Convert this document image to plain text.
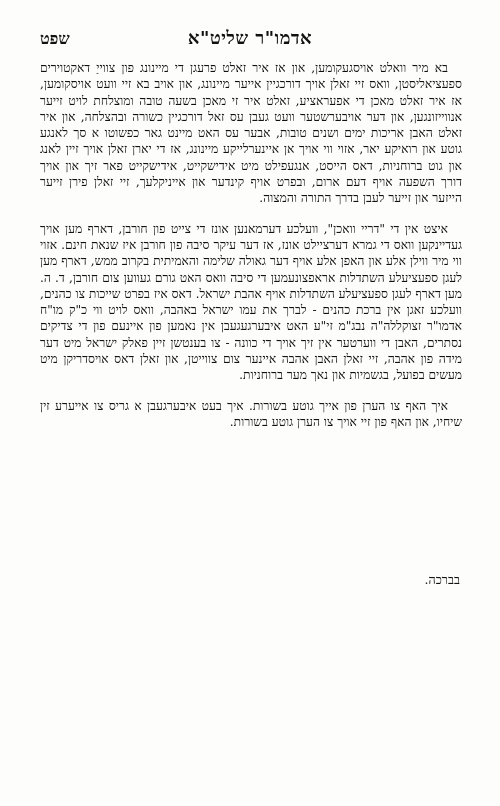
אדמו"ר שליט"א
שפט

בא מיר וואלט אויסגעקומען, און אז איר זאלט פרעגן די מיינונג פון צווייַ דאקטוירים ספעציאליסטן, וואס זיי זאלן אויך דורכגיין אייער מיינונג, און אויב בא זיי וועט אויסקומען, אז איר זאלט מאכן די אפעראציע, זאלט איר זי מאכן בשעה טובה ומוצלחת לויט זייער אנווייזונגען, און דער אויבערשטער וועט געבן עס זאל דורכגיין כשורה ובהצלחה, און איר זאלט האבן אריכות ימים ושנים טובות, אבער עס האט מיינט גאר כפשוטו א סך לאנגע גוטע און רואיקע יאר, אזוי ווי אויך אן איינערלייקע מיינונג, אז די יארן זאלן אויך זיין לאנג און גוט ברוחניות, דאס הייסט, אנגעפילט מיט אידישקייט, אידישקייט פאר זיך און אויך דורך השפעה אויף דעם ארום, ובפרט אויף קינדער און אייניקלעך, זיי זאלן פירן זייער הייזער און זייער לעבן בדרך התורה והמצוה.

איצט אין די "דריי וואכן", וועלכע דערמאנען אונז די צייט פון חורבן, דארף מען אויך געדיינקען וואס די גמרא דערציילט אונז, אז דער עיקר סיבה פון חורבן איז שנאת חינם. אזוי ווי מיר ווילן אלע און האפן אלע אויף דער גאולה שלימה והאמיתית בקרוב ממש, דארף מען לעגן ספעציעלע השתדלות אראפצונעמען די סיבה וואס האט גורם געווען צום חורבן, ד. ה. מען דארף לעגן ספעציעלע השתדלות אויף אהבת ישראל. דאס איז בפרט שייכות צו כהנים, וועלכע זאגן אין ברכת כהנים - לברך את עמו ישראל באהבה, וואס לויט ווי כ"ק מו"ח אדמו"ר זצוקללה"ה נבג"מ זי"ע האט איבערגעגעבן אין נאמען פון איינעם פון די צדיקים נסתרים, האבן די ווערטער אין זיך אויך די כוונה - צו בענטשן זיין פאלק ישראל מיט דער מידה פון אהבה, זיי זאלן האבן אהבה איינער צום צווייטן, און זאלן דאס אויסדריקן מיט מעשים בפועל, בגשמיות און נאך מער ברוחניות.

איך האף צו הערן פון אייך גוטע בשורות. איך בעט איבערגעבן א גריס צו אייערע זין שיחיו, און האף פון זיי אויך צו הערן גוטע בשורות.

בברכה.
